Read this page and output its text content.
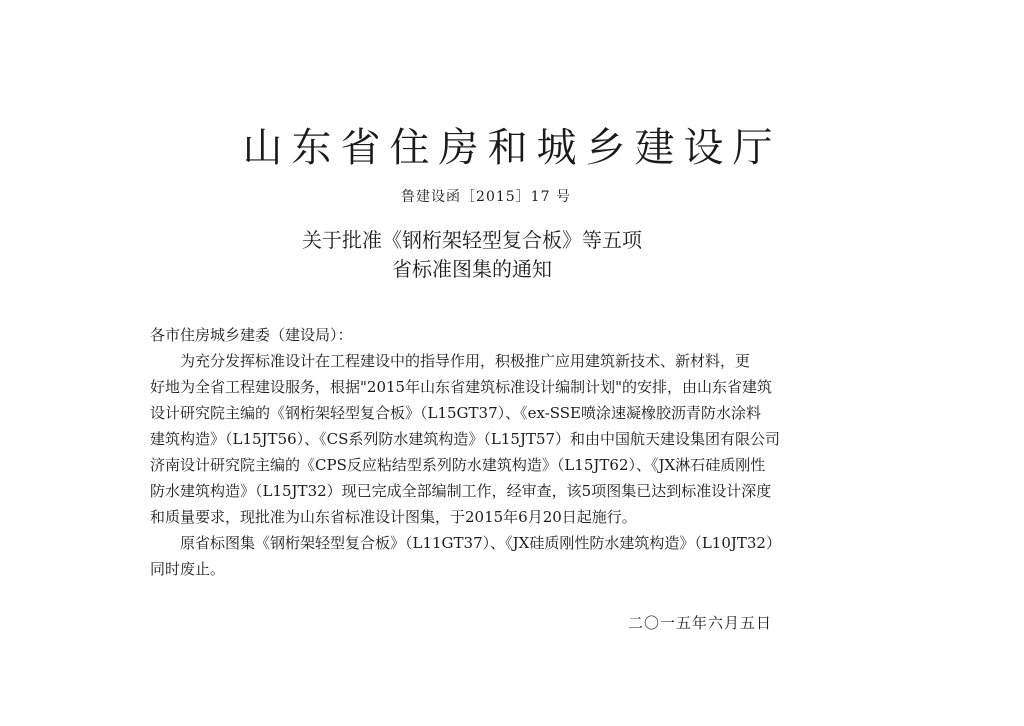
山东省住房和城乡建设厅
鲁建设函［2015］17 号
关于批准《钢桁架轻型复合板》等五项
省标准图集的通知
各市住房城乡建委（建设局）：
　　为充分发挥标准设计在工程建设中的指导作用，积极推广应用建筑新技术、新材料，更
好地为全省工程建设服务，根据"2015年山东省建筑标准设计编制计划"的安排，由山东省建筑
设计研究院主编的《钢桁架轻型复合板》（L15GT37）、《ex-SSE喷涂速凝橡胶沥青防水涂料
建筑构造》（L15JT56）、《CS系列防水建筑构造》（L15JT57）和由中国航天建设集团有限公司
济南设计研究院主编的《CPS反应粘结型系列防水建筑构造》（L15JT62）、《JX淋石硅质刚性
防水建筑构造》（L15JT32）现已完成全部编制工作，经审查，该5项图集已达到标准设计深度
和质量要求，现批准为山东省标准设计图集，于2015年6月20日起施行。
　　原省标图集《钢桁架轻型复合板》（L11GT37）、《JX硅质刚性防水建筑构造》（L10JT32）
同时废止。
二〇一五年六月五日
